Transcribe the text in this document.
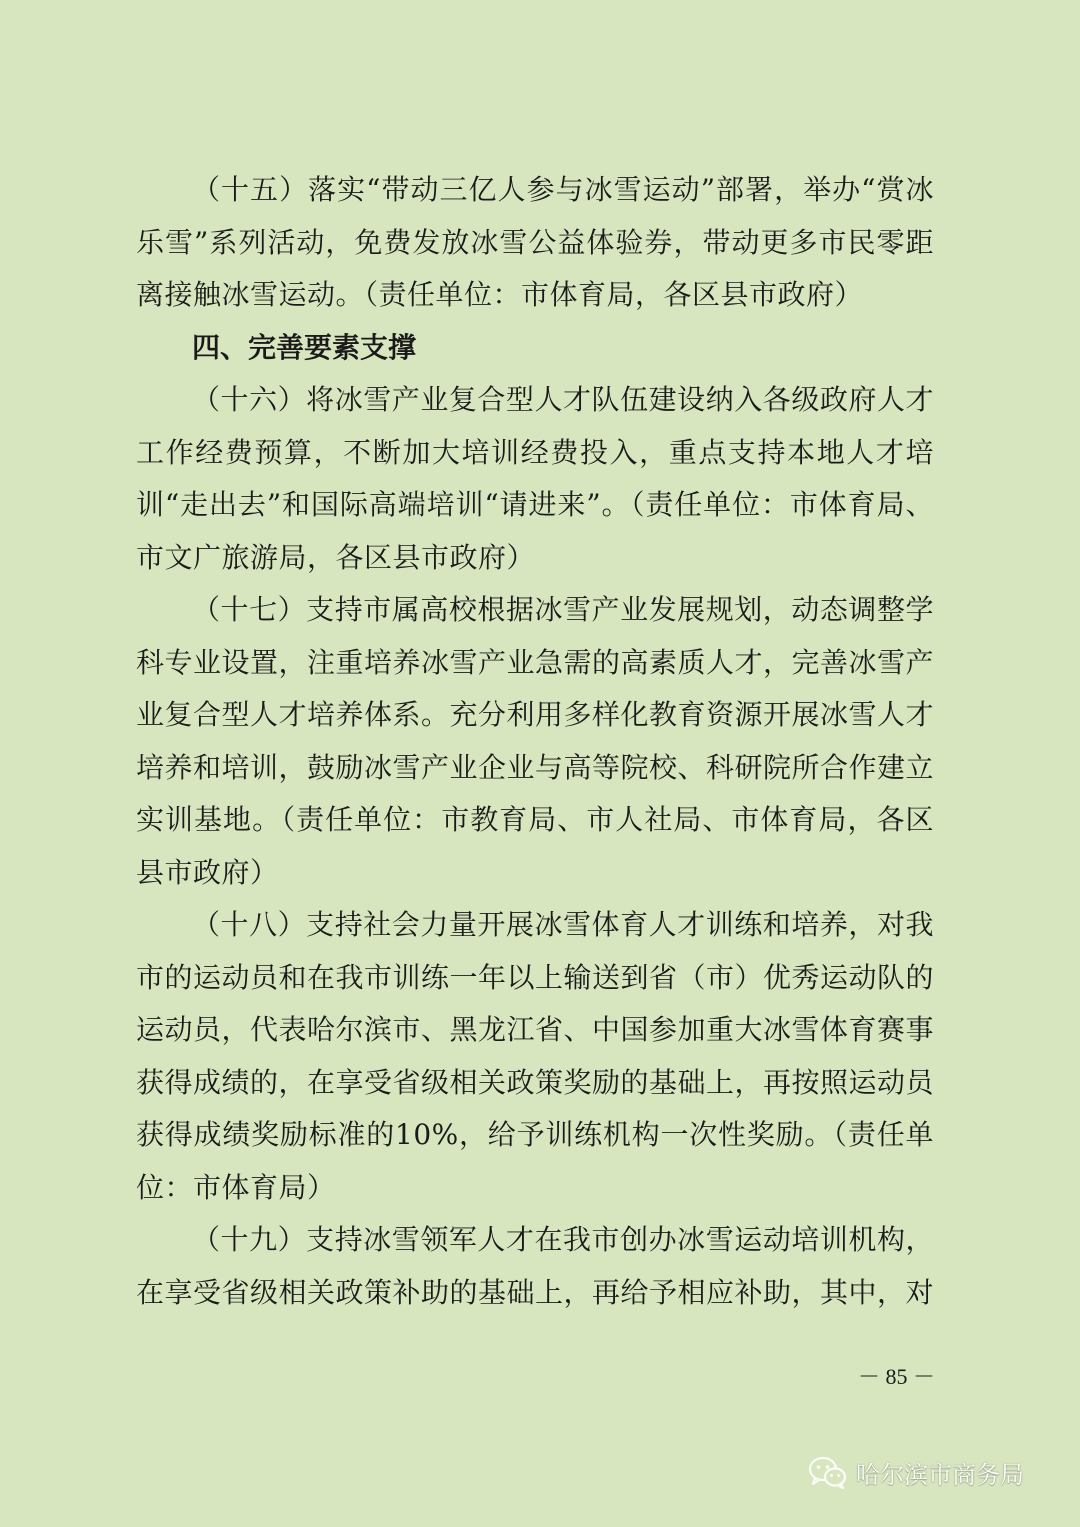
（十五）落实“带动三亿人参与冰雪运动”部署，举办“赏冰乐雪”系列活动，免费发放冰雪公益体验券，带动更多市民零距离接触冰雪运动。（责任单位：市体育局，各区县市政府）

四、完善要素支撑

（十六）将冰雪产业复合型人才队伍建设纳入各级政府人才工作经费预算，不断加大培训经费投入，重点支持本地人才培训“走出去”和国际高端培训“请进来”。（责任单位：市体育局、市文广旅游局，各区县市政府）

（十七）支持市属高校根据冰雪产业发展规划，动态调整学科专业设置，注重培养冰雪产业急需的高素质人才，完善冰雪产业复合型人才培养体系。充分利用多样化教育资源开展冰雪人才培养和培训，鼓励冰雪产业企业与高等院校、科研院所合作建立实训基地。（责任单位：市教育局、市人社局、市体育局，各区县市政府）

（十八）支持社会力量开展冰雪体育人才训练和培养，对我市的运动员和在我市训练一年以上输送到省（市）优秀运动队的运动员，代表哈尔滨市、黑龙江省、中国参加重大冰雪体育赛事获得成绩的，在享受省级相关政策奖励的基础上，再按照运动员获得成绩奖励标准的10%，给予训练机构一次性奖励。（责任单位：市体育局）

（十九）支持冰雪领军人才在我市创办冰雪运动培训机构，在享受省级相关政策补助的基础上，再给予相应补助，其中，对

－ 85 －
哈尔滨市商务局
